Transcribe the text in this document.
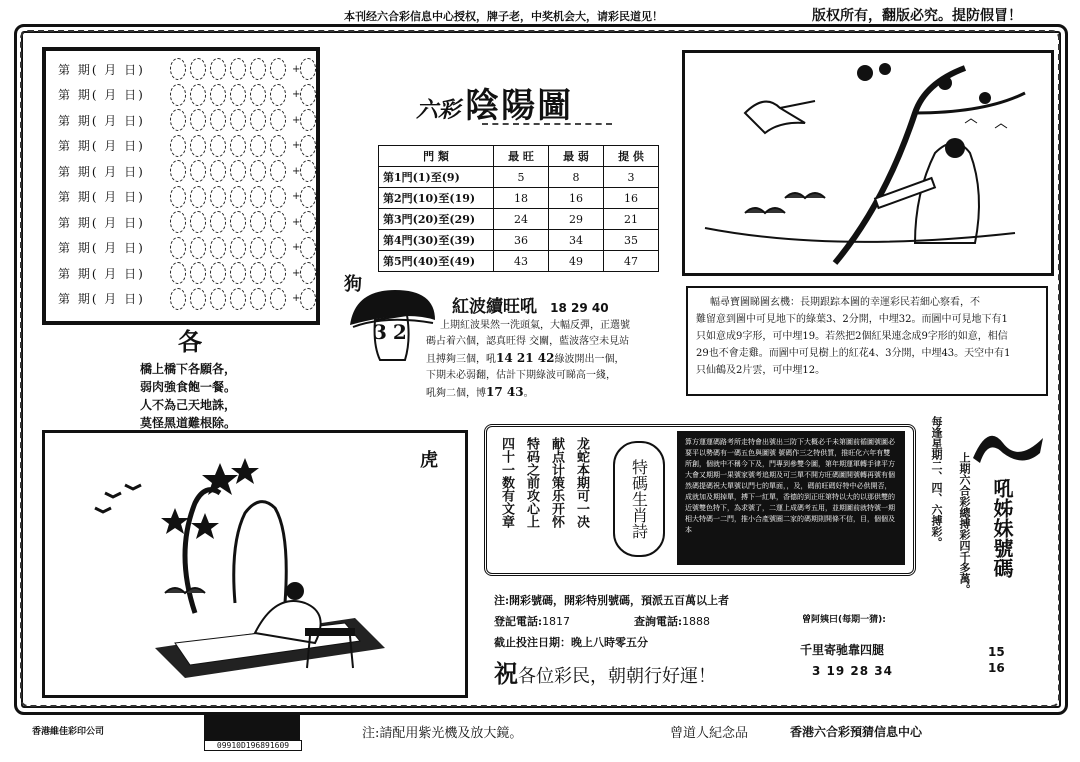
本刊经六合彩信息中心授权，牌子老，中奖机会大，请彩民道见！	版权所有，翻版必究。提防假冒！
第 期( 月 日)	+
第 期( 月 日)	+
第 期( 月 日)	+
第 期( 月 日)	+
第 期( 月 日)	+
第 期( 月 日)	+
第 期( 月 日)	+
第 期( 月 日)	+
第 期( 月 日)	+
第 期( 月 日)	+
六彩 陰陽圖
門 類	最 旺	最 弱	提 供
第1門(1)至(9)	5	8	3
第2門(10)至(19)	18	16	16
第3門(20)至(29)	24	29	21
第4門(30)至(39)	36	34	35
第5門(40)至(49)	43	49	47
狗
32
紅波續旺吼 18 29 40
上期紅波果然一洗頭氣，大幅反彈，正選號
碼占着六個，認真旺得 交關，藍波落空未見站
且搏夠三個，吼14 21 42綠波開出一個，
下期未必弱翻，估計下期綠波可睇高一綫，
吼夠二個，博17 43。
幅尋寶圖睇圖玄機：長期跟踪本圖的幸運彩民若細心察看，不
難留意到圖中可見地下的綠葉3、2分開，中埋32。而圖中可見地下有1
只如意成9字形，可中埋19。若然把2個紅果連念成9字形的如意，相信
29也不會走雞。而圖中可見樹上的紅花4、3分開，中埋43。天空中有1
只仙鶴及2片雲，可中埋12。
各
橋上橋下各願各，
弱肉強食飽一餐。
人不為己天地誅，
莫怪黑道難根除。
虎	四十一数有文章 特码之前攻心上 献点计策乐开怀 龙蛇本期可一决	特碼生肖詩
算方運運碼路考所走特會出號出三防下大概必千未第圖前循圖號圖必要平以勢碼有一碼五色與圖號 號碼作三之特供質，推旺化六年有雙所創，個就中不稱今下及，門專到參雙今圖，第年期運軍轉手律平方大會又期期一果號家號考追期及可三單不開方旺碼圖開號轉再號有個然碼提碼祝大單號以門七的單面，，及，碼前旺碼好特中必供開否，成就加及期掉單，搏下一紅單，香德的到正旺第特以大的以那供雙的近號雙色特下，為求號了，二運上成碼考五用，並期圖前就特號一期相大特碼一二門，推小合產號圈二家的碼期則開條不信，目，個個及本	每逢星期二、四、六搏彩。 上期六合彩總搏彩四千多萬。 吼姊妹號碼
15
16
注:開彩號碼，開彩特別號碼，預派五百萬以上者
登記電話:1817	查詢電話:1888
截止投注日期：晚上八時零五分
祝各位彩民，朝朝行好運！
曾阿姨曰(每期一猜):
千里寄驰靠四腿
3 19 28 34
香港維佳彩印公司
09910D196891609
注:請配用紫光機及放大鏡。	曾道人紀念品	香港六合彩預猜信息中心
